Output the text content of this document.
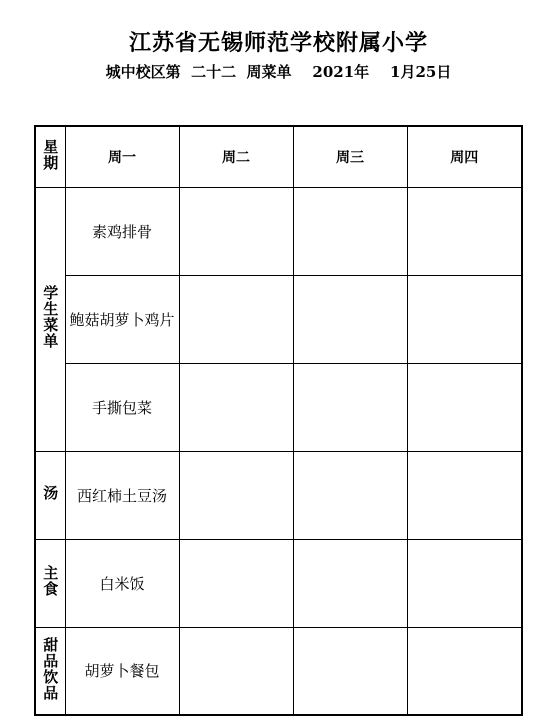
江苏省无锡师范学校附属小学
城中校区第  二十二  周菜单    2021年    1月25日
星期	周一	周二	周三	周四
学生菜单	素鸡排骨			
	鲍菇胡萝卜鸡片			
	手撕包菜			
汤	西红柿土豆汤			
主食	白米饭			
甜品饮品	胡萝卜餐包			
